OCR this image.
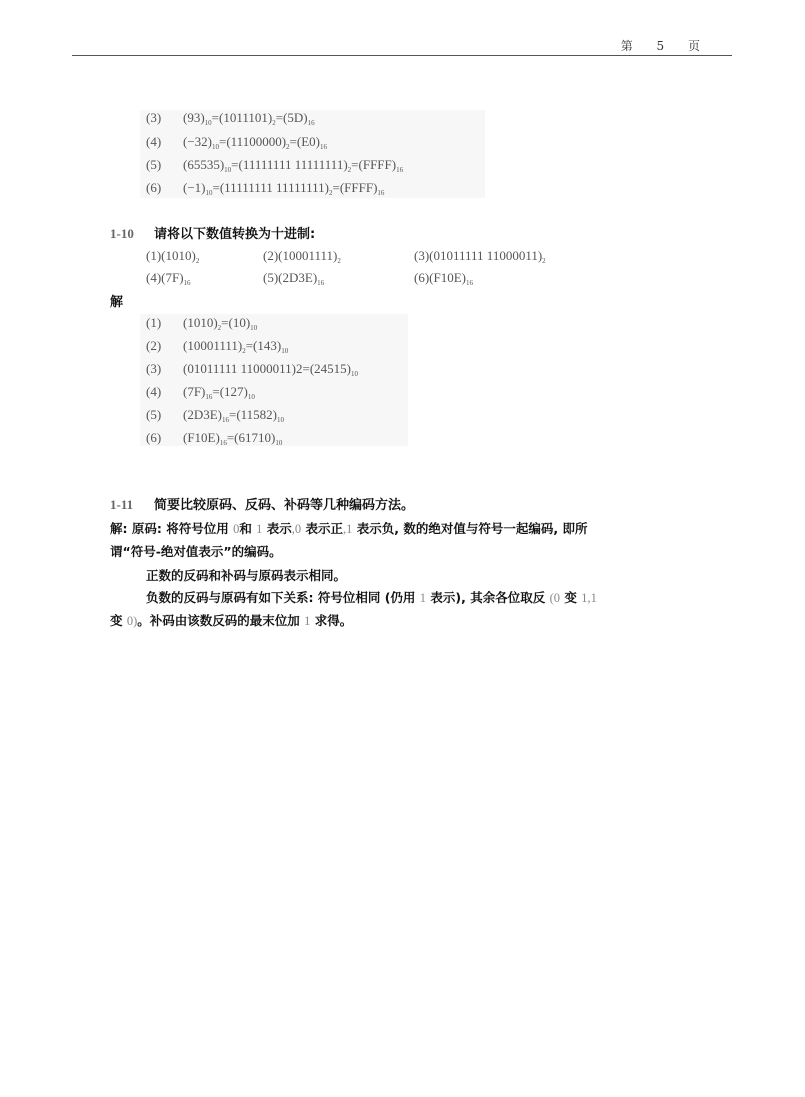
第 5 页
(3) $(93)_{10}=(1011101)_2=(5D)_{16}$
(4) $(-32)_{10}=(11100000)_2=(E0)_{16}$
(5) $(65535)_{10}=(11111111$ $11111111)_2=(FFFF)_{16}$
(6) $(-1)_{10}=(11111111$ $11111111)_2=(FFFF)_{16}$
1-10 请将以下数值转换为十进制:
$(1)(1010)_2$	$(2)(10001111)_2$	(3)(01011111 $11000011)_2$
$(4)(7F)_{16}$	$(5)(2D3E)_{16}$	$(6)(F10E)_{16}$
解
(1) $(1010)_2=(10)_{10}$
(2) $(10001111)_2=(143)_{10}$
(3) (01011111 $11000011)2=(24515)_{10}$
(4) $(7F)_{16}=(127)_{10}$
(5) $(2D3E)_{16}=(11582)_{10}$
(6) $(F10E)_{16}=(61710)_{10}$
1-11 简要比较原码、反码、补码等几种编码方法。
解: 原码: 将符号位用 0和 1 表示,0 表示正,1 表示负, 数的绝对值与符号一起编码, 即所
谓“符号-绝对值表示”的编码。
正数的反码和补码与原码表示相同。
负数的反码与原码有如下关系: 符号位相同 (仍用 1 表示), 其余各位取反 (0 变 1,1
变 0)。补码由该数反码的最末位加 1 求得。
